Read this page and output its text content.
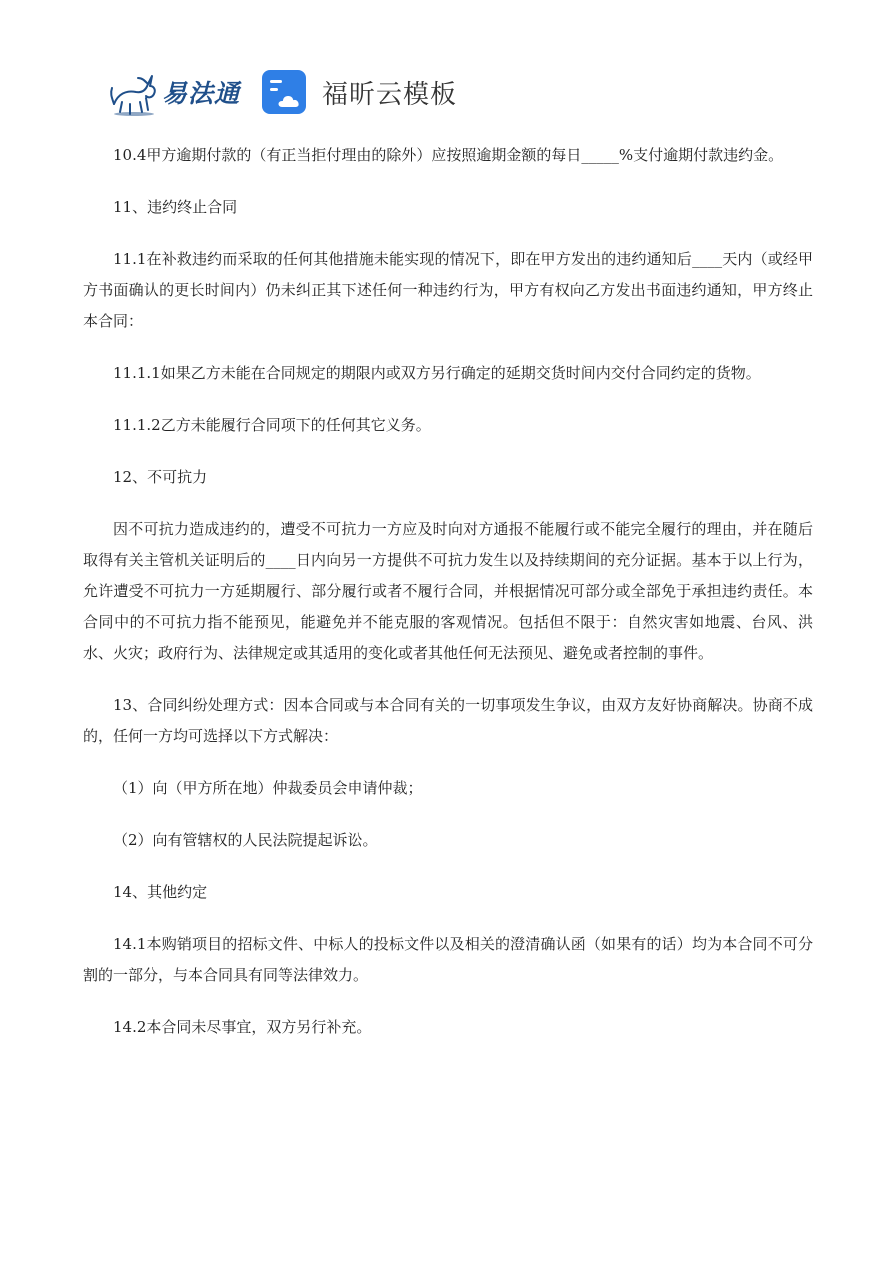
易法通	福昕云模板

10.4甲方逾期付款的（有正当拒付理由的除外）应按照逾期金额的每日_____%支付逾期付款违约金。

11、违约终止合同

11.1在补救违约而采取的任何其他措施未能实现的情况下，即在甲方发出的违约通知后____天内（或经甲方书面确认的更长时间内）仍未纠正其下述任何一种违约行为，甲方有权向乙方发出书面违约通知，甲方终止本合同：

11.1.1如果乙方未能在合同规定的期限内或双方另行确定的延期交货时间内交付合同约定的货物。

11.1.2乙方未能履行合同项下的任何其它义务。

12、不可抗力

因不可抗力造成违约的，遭受不可抗力一方应及时向对方通报不能履行或不能完全履行的理由，并在随后取得有关主管机关证明后的____日内向另一方提供不可抗力发生以及持续期间的充分证据。基本于以上行为，允许遭受不可抗力一方延期履行、部分履行或者不履行合同，并根据情况可部分或全部免于承担违约责任。本合同中的不可抗力指不能预见，能避免并不能克服的客观情况。包括但不限于：自然灾害如地震、台风、洪水、火灾；政府行为、法律规定或其适用的变化或者其他任何无法预见、避免或者控制的事件。

13、合同纠纷处理方式：因本合同或与本合同有关的一切事项发生争议，由双方友好协商解决。协商不成的，任何一方均可选择以下方式解决：

（1）向（甲方所在地）仲裁委员会申请仲裁；

（2）向有管辖权的人民法院提起诉讼。

14、其他约定

14.1本购销项目的招标文件、中标人的投标文件以及相关的澄清确认函（如果有的话）均为本合同不可分割的一部分，与本合同具有同等法律效力。

14.2本合同未尽事宜，双方另行补充。
